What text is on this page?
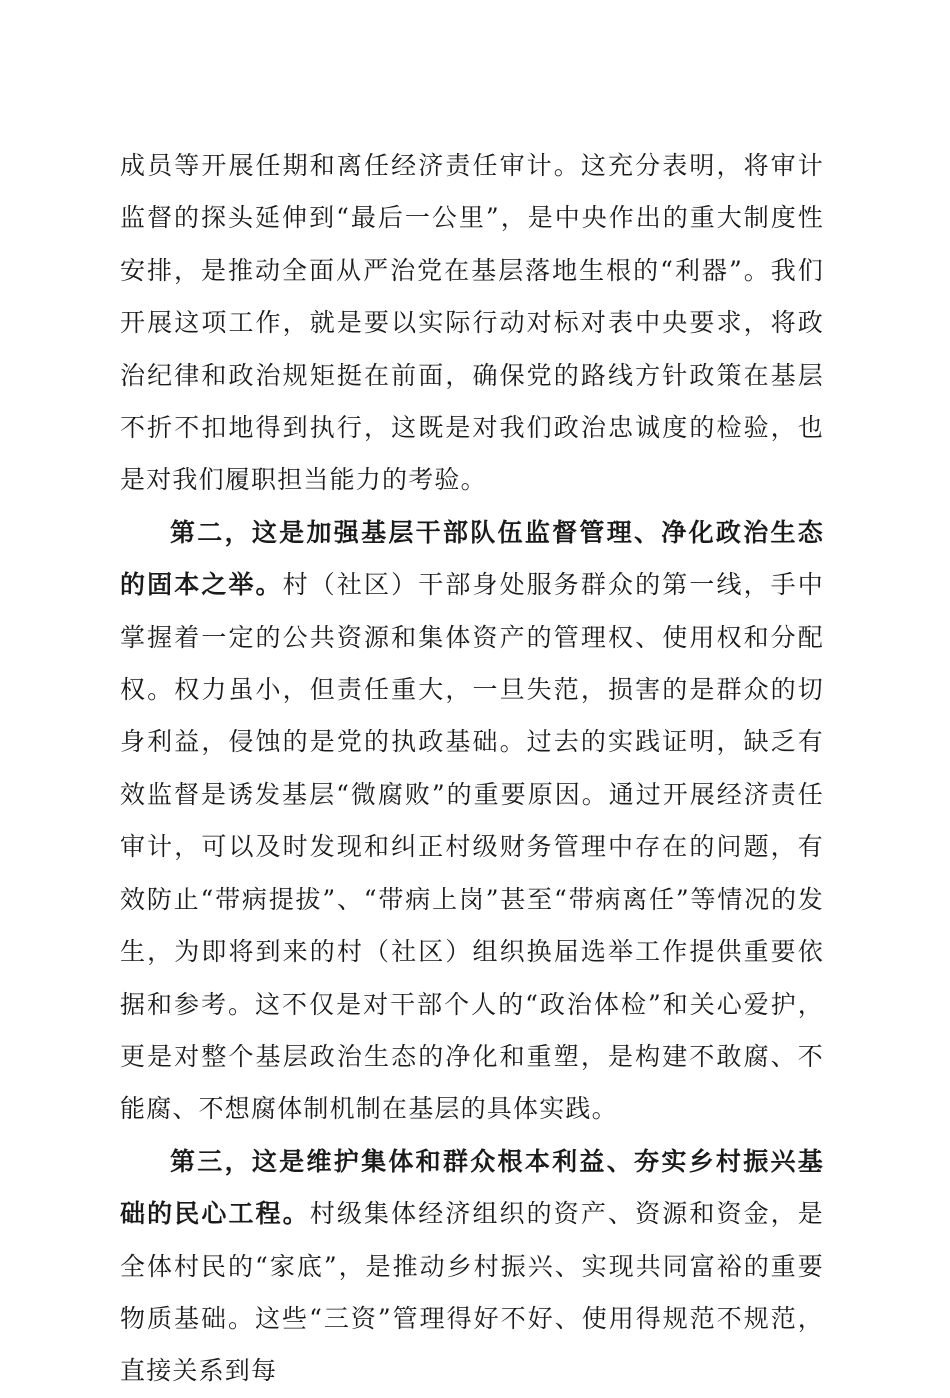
成员等开展任期和离任经济责任审计。这充分表明，将审计监督的探头延伸到“最后一公里”，是中央作出的重大制度性安排，是推动全面从严治党在基层落地生根的“利器”。我们开展这项工作，就是要以实际行动对标对表中央要求，将政治纪律和政治规矩挺在前面，确保党的路线方针政策在基层不折不扣地得到执行，这既是对我们政治忠诚度的检验，也是对我们履职担当能力的考验。

第二，这是加强基层干部队伍监督管理、净化政治生态的固本之举。村（社区）干部身处服务群众的第一线，手中掌握着一定的公共资源和集体资产的管理权、使用权和分配权。权力虽小，但责任重大，一旦失范，损害的是群众的切身利益，侵蚀的是党的执政基础。过去的实践证明，缺乏有效监督是诱发基层“微腐败”的重要原因。通过开展经济责任审计，可以及时发现和纠正村级财务管理中存在的问题，有效防止“带病提拔”、“带病上岗”甚至“带病离任”等情况的发生，为即将到来的村（社区）组织换届选举工作提供重要依据和参考。这不仅是对干部个人的“政治体检”和关心爱护，更是对整个基层政治生态的净化和重塑，是构建不敢腐、不能腐、不想腐体制机制在基层的具体实践。

第三，这是维护集体和群众根本利益、夯实乡村振兴基础的民心工程。村级集体经济组织的资产、资源和资金，是全体村民的“家底”，是推动乡村振兴、实现共同富裕的重要物质基础。这些“三资”管理得好不好、使用得规范不规范，直接关系到每
